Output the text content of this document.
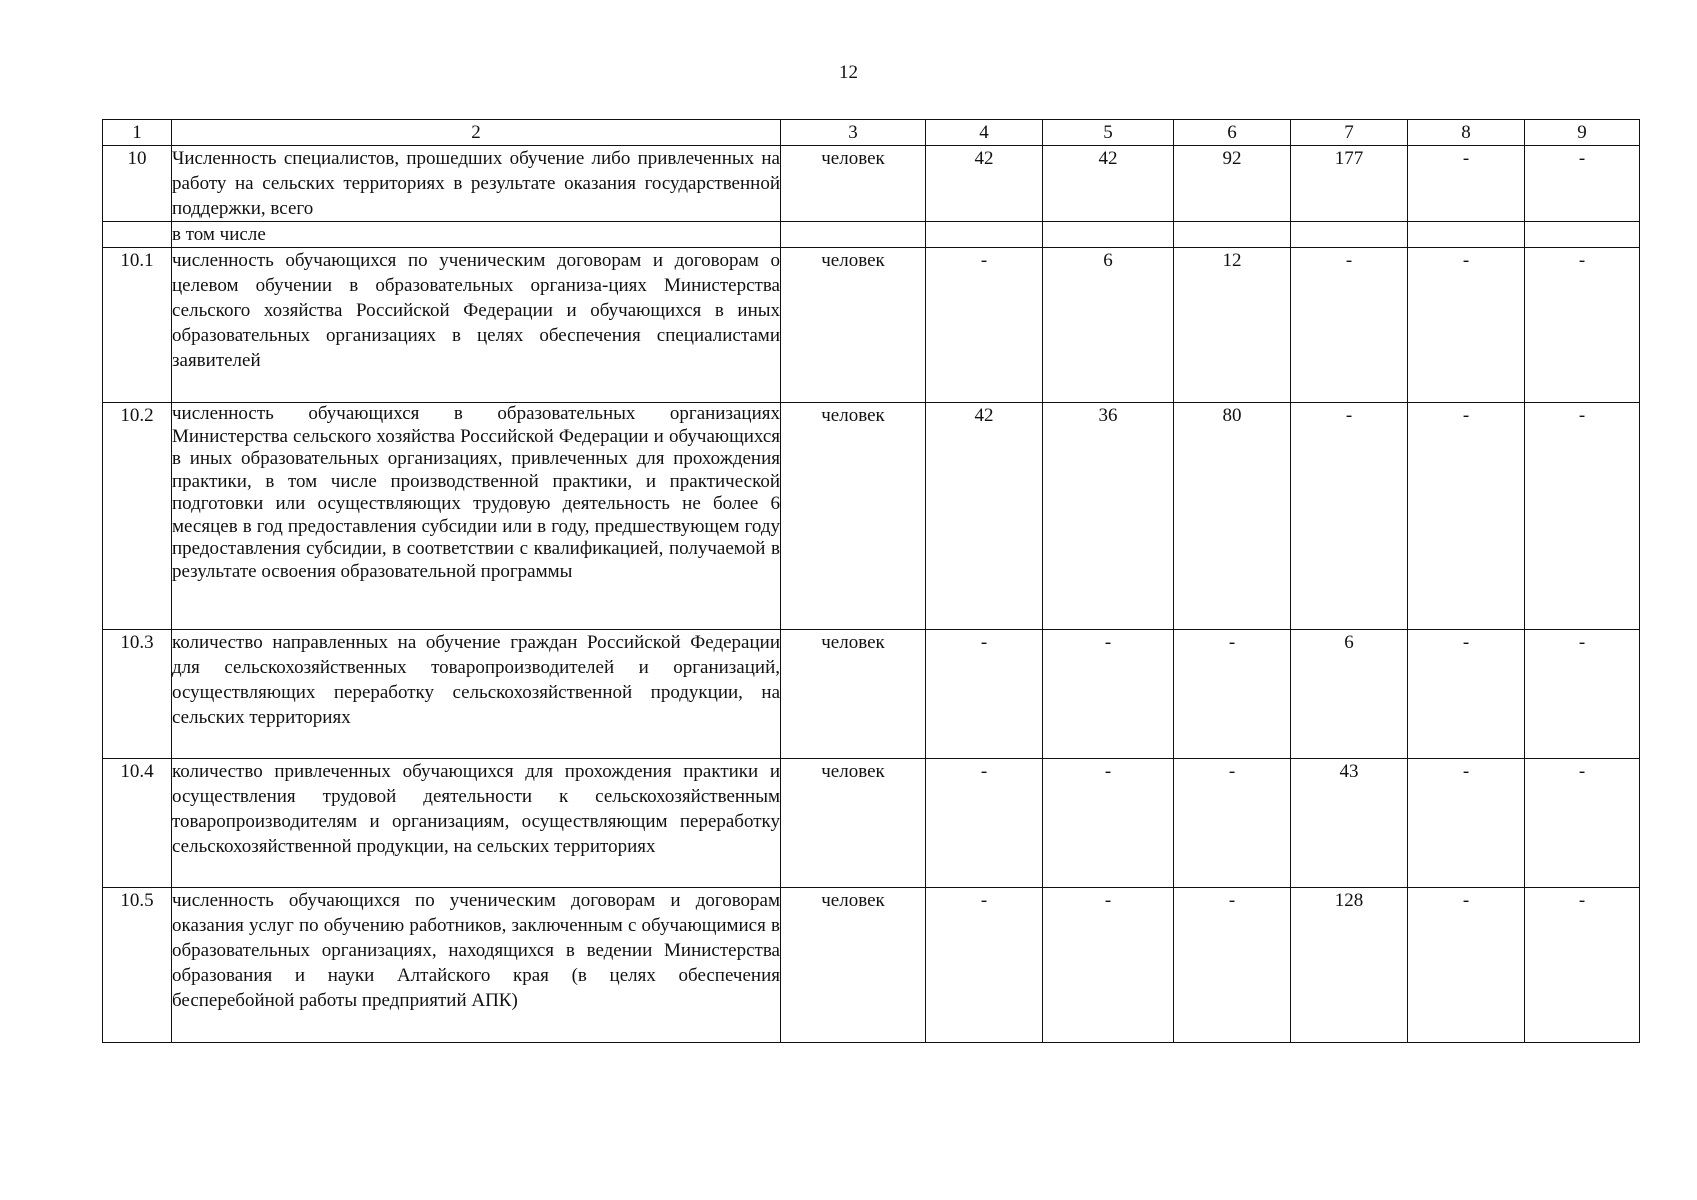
12
1	2	3	4	5	6	7	8	9
10	Численность специалистов, прошедших обучение либо привлеченных на работу на сельских территориях в результате оказания государственной поддержки, всего	человек	42	42	92	177	-	-
	в том числе							
10.1	численность обучающихся по ученическим договорам и договорам о целевом обучении в образовательных организа-циях Министерства сельского хозяйства Российской Федерации и обучающихся в иных образовательных организациях в целях обеспечения специалистами заявителей	человек	-	6	12	-	-	-
10.2	численность обучающихся в образовательных организациях Министерства сельского хозяйства Российской Федерации и обучающихся в иных образовательных организациях, привлеченных для прохождения практики, в том числе производственной практики, и практической подготовки или осуществляющих трудовую деятельность не более 6 месяцев в год предоставления субсидии или в году, предшествующем году предоставления субсидии, в соответствии с квалификацией, получаемой в результате освоения образовательной программы	человек	42	36	80	-	-	-
10.3	количество направленных на обучение граждан Российской Федерации для сельскохозяйственных товаропроизводителей и организаций, осуществляющих переработку сельскохозяйственной продукции, на сельских территориях	человек	-	-	-	6	-	-
10.4	количество привлеченных обучающихся для прохождения практики и осуществления трудовой деятельности к сельскохозяйственным товаропроизводителям и организациям, осуществляющим переработку сельскохозяйственной продукции, на сельских территориях	человек	-	-	-	43	-	-
10.5	численность обучающихся по ученическим договорам и договорам оказания услуг по обучению работников, заключенным с обучающимися в образовательных организациях, находящихся в ведении Министерства образования и науки Алтайского края (в целях обеспечения бесперебойной работы предприятий АПК)	человек	-	-	-	128	-	-
